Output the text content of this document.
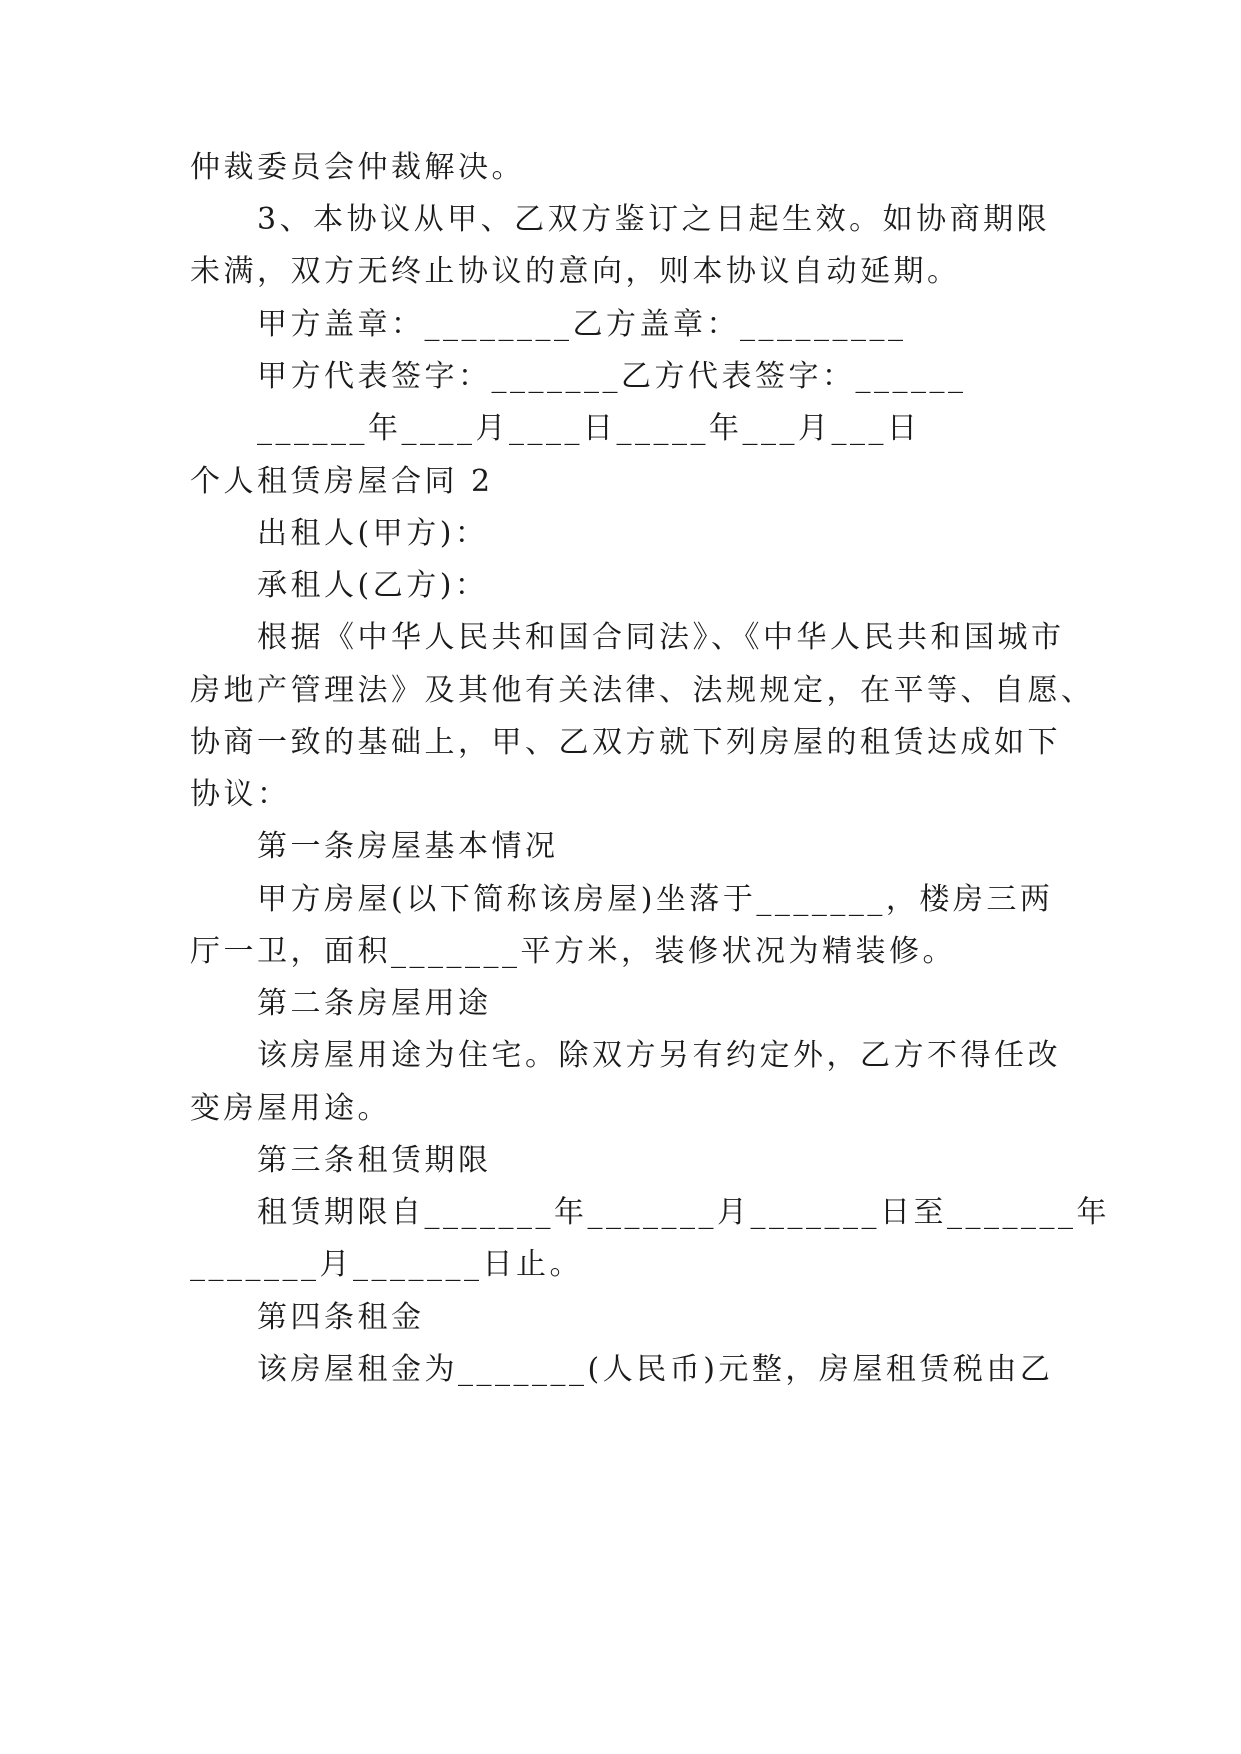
仲裁委员会仲裁解决。
3、本协议从甲、乙双方鉴订之日起生效。如协商期限
未满，双方无终止协议的意向，则本协议自动延期。
甲方盖章：________乙方盖章：_________
甲方代表签字：_______乙方代表签字：______
______年____月____日_____年___月___日
个人租赁房屋合同 2
出租人(甲方)：
承租人(乙方)：
根据《中华人民共和国合同法》、《中华人民共和国城市
房地产管理法》及其他有关法律、法规规定，在平等、自愿、
协商一致的基础上，甲、乙双方就下列房屋的租赁达成如下
协议：
第一条房屋基本情况
甲方房屋(以下简称该房屋)坐落于_______，楼房三两
厅一卫，面积_______平方米，装修状况为精装修。
第二条房屋用途
该房屋用途为住宅。除双方另有约定外，乙方不得任改
变房屋用途。
第三条租赁期限
租赁期限自_______年_______月_______日至_______年
_______月_______日止。
第四条租金
该房屋租金为_______(人民币)元整，房屋租赁税由乙
